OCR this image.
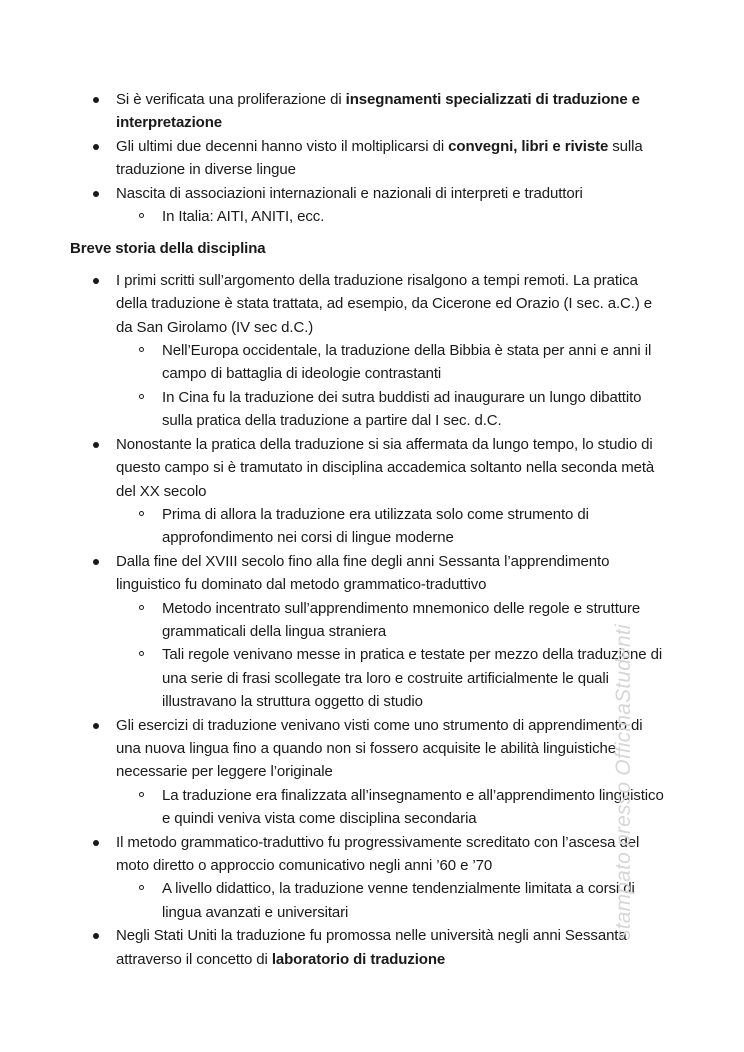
Si è verificata una proliferazione di insegnamenti specializzati di traduzione e interpretazione
Gli ultimi due decenni hanno visto il moltiplicarsi di convegni, libri e riviste sulla traduzione in diverse lingue
Nascita di associazioni internazionali e nazionali di interpreti e traduttori
In Italia: AITI, ANITI, ecc.
Breve storia della disciplina
I primi scritti sull’argomento della traduzione risalgono a tempi remoti. La pratica della traduzione è stata trattata, ad esempio, da Cicerone ed Orazio (I sec. a.C.) e da San Girolamo (IV sec d.C.)
Nell’Europa occidentale, la traduzione della Bibbia è stata per anni e anni il campo di battaglia di ideologie contrastanti
In Cina fu la traduzione dei sutra buddisti ad inaugurare un lungo dibattito sulla pratica della traduzione a partire dal I sec. d.C.
Nonostante la pratica della traduzione si sia affermata da lungo tempo, lo studio di questo campo si è tramutato in disciplina accademica soltanto nella seconda metà del XX secolo
Prima di allora la traduzione era utilizzata solo come strumento di approfondimento nei corsi di lingue moderne
Dalla fine del XVIII secolo fino alla fine degli anni Sessanta l’apprendimento linguistico fu dominato dal metodo grammatico-traduttivo
Metodo incentrato sull’apprendimento mnemonico delle regole e strutture grammaticali della lingua straniera
Tali regole venivano messe in pratica e testate per mezzo della traduzione di una serie di frasi scollegate tra loro e costruite artificialmente le quali illustravano la struttura oggetto di studio
Gli esercizi di traduzione venivano visti come uno strumento di apprendimento di una nuova lingua fino a quando non si fossero acquisite le abilità linguistiche necessarie per leggere l’originale
La traduzione era finalizzata all’insegnamento e all’apprendimento linguistico e quindi veniva vista come disciplina secondaria
Il metodo grammatico-traduttivo fu progressivamente screditato con l’ascesa del moto diretto o approccio comunicativo negli anni ’60 e ’70
A livello didattico, la traduzione venne tendenzialmente limitata a corsi di lingua avanzati e universitari
Negli Stati Uniti la traduzione fu promossa nelle università negli anni Sessanta attraverso il concetto di laboratorio di traduzione
stampato presso OfficinaStudenti
